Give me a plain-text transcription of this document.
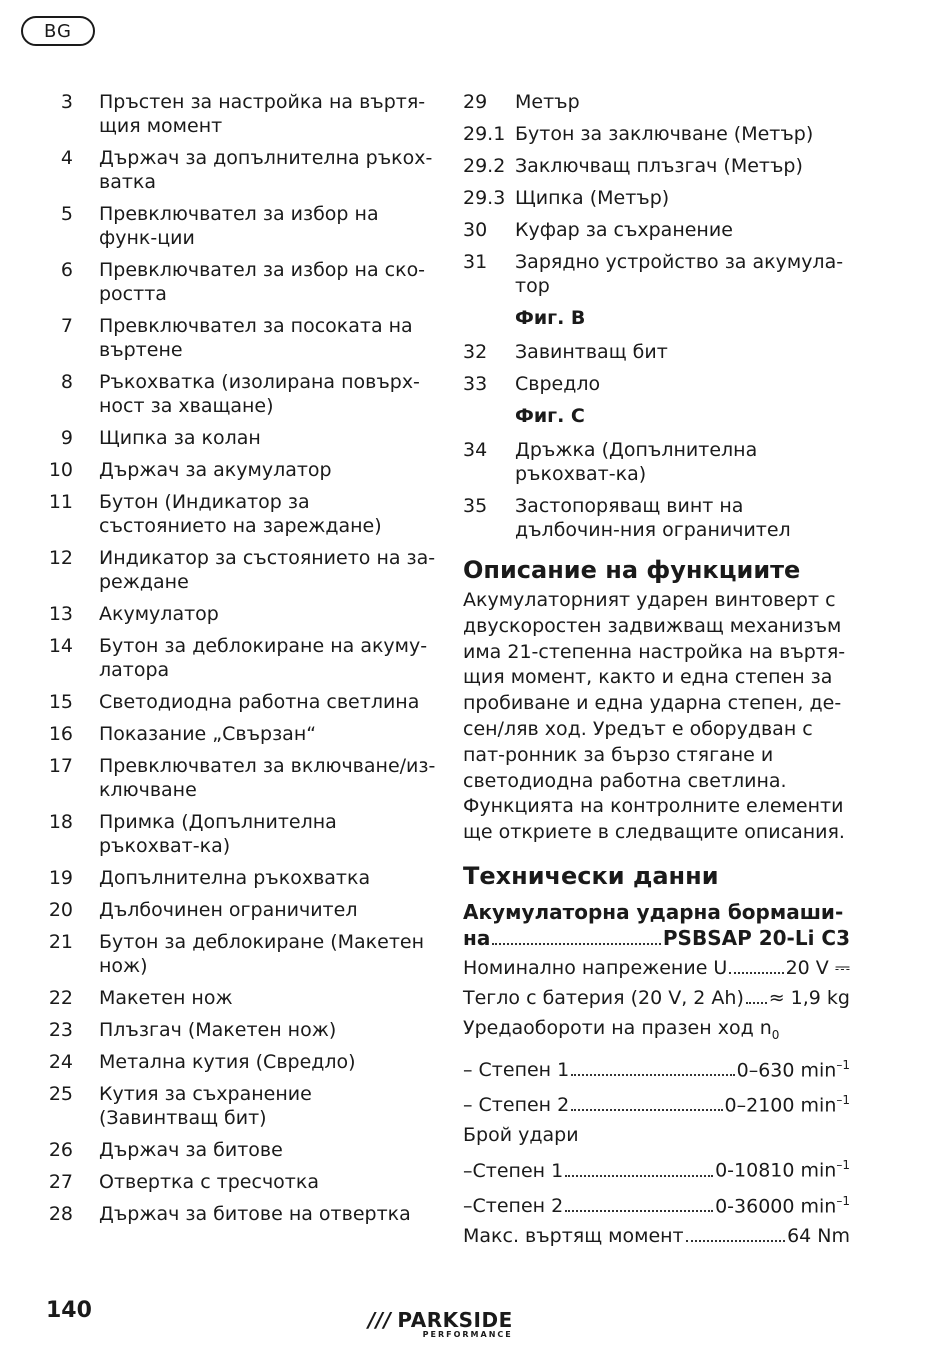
BG
3 Пръстен за настройка на въртя-щия момент
4 Държач за допълнителна ръкох-ватка
5 Превключвател за избор на функ-ции
6 Превключвател за избор на ско-ростта
7 Превключвател за посоката на въртене
8 Ръкохватка (изолирана повърх-ност за хващане)
9 Щипка за колан
10 Държач за акумулатор
11 Бутон (Индикатор за състоянието на зареждане)
12 Индикатор за състоянието на за-реждане
13 Акумулатор
14 Бутон за деблокиране на акуму-латора
15 Светодиодна работна светлина
16 Показание „Свързан“
17 Превключвател за включване/из-ключване
18 Примка (Допълнителна ръкохват-ка)
19 Допълнителна ръкохватка
20 Дълбочинен ограничител
21 Бутон за деблокиране (Макетен нож)
22 Макетен нож
23 Плъзгач (Макетен нож)
24 Метална кутия (Свредло)
25 Кутия за съхранение (Завинтващ бит)
26 Държач за битове
27 Отвертка с тресчотка
28 Държач за битове на отвертка
29	Метър
29.1 Бутон за заключване (Метър)
29.2 Заключващ плъзгач (Метър)
29.3 Щипка (Метър)
30	Куфар за съхранение
31	Зарядно устройство за акумула-тор
Фиг. B
32	Завинтващ бит
33	Свредло
Фиг. C
34	Дръжка (Допълнителна ръкохват-ка)
35	Застопоряващ винт на дълбочин-ния ограничител
Описание на функциите

Акумулаторният ударен винтоверт с двускоростен задвижващ механизъм има 21-степенна настройка на въртя-щия момент, както и една степен за пробиване и една ударна степен, де-сен/ляв ход. Уредът е оборудван с пат-ронник за бързо стягане и светодиодна работна светлина.

Функцията на контролните елементи ще откриете в следващите описания.

Технически данни
Акумулаторна ударна бормаши-
на	PSBSAP 20-Li C3
Номинално напрежение U	20 V ⎓
Тегло с батерия (20 V, 2 Ah) ≈ 1,9 kg
Уредаобороти на празен ход $n_0$
– Степен 1	0–630 $\min^{-1}$
– Степен 2	0–2100 $\min^{-1}$
Брой удари
–Степен 1	0-10810 $\min^{-1}$
–Степен 2	0-36000 $\min^{-1}$
Макс. въртящ момент	64 Nm
140	/// PARKSIDE
PERFORMANCE
